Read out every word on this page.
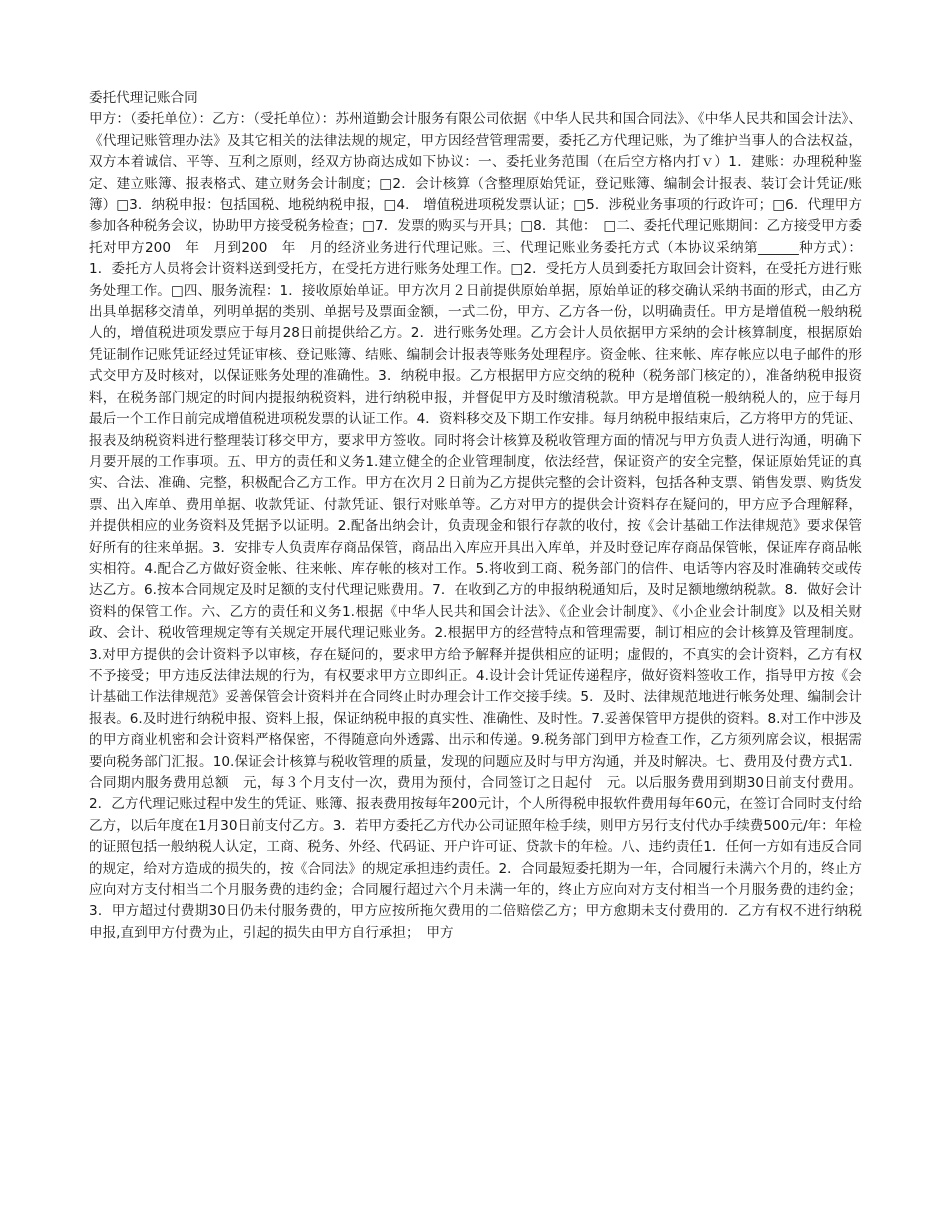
委托代理记账合同

甲方：（委托单位）：乙方：（受托单位）：苏州道勤会计服务有限公司依据《中华人民共和国合同法》、《中华人民共和国会计法》、《代理记账管理办法》及其它相关的法律法规的规定，甲方因经营管理需要，委托乙方代理记账，为了维护当事人的合法权益，双方本着诚信、平等、互利之原则，经双方协商达成如下协议：一、委托业务范围（在后空方格内打ｖ）1．建账：办理税种鉴定、建立账簿、报表格式、建立财务会计制度；□2．会计核算（含整理原始凭证，登记账簿、编制会计报表、装订会计凭证/账簿）□3．纳税申报：包括国税、地税纳税申报，□4． 增值税进项税发票认证；□5．涉税业务事项的行政许可；□6．代理甲方参加各种税务会议，协助甲方接受税务检查；□7．发票的购买与开具；□8．其他：　□二、委托代理记账期间：乙方接受甲方委托对甲方200　年　月到200　年　月的经济业务进行代理记账。三、代理记账业务委托方式（本协议采纳第______种方式）：1．委托方人员将会计资料送到受托方，在受托方进行账务处理工作。□2．受托方人员到委托方取回会计资料，在受托方进行账务处理工作。□四、服务流程：1．接收原始单证。甲方次月２日前提供原始单据，原始单证的移交确认采纳书面的形式，由乙方出具单据移交清单，列明单据的类别、单据号及票面金额，一式二份，甲方、乙方各一份，以明确责任。甲方是增值税一般纳税人的，增值税进项发票应于每月28日前提供给乙方。2．进行账务处理。乙方会计人员依据甲方采纳的会计核算制度，根据原始凭证制作记账凭证经过凭证审核、登记账簿、结账、编制会计报表等账务处理程序。资金帐、往来帐、库存帐应以电子邮件的形式交甲方及时核对，以保证账务处理的准确性。3．纳税申报。乙方根据甲方应交纳的税种（税务部门核定的），准备纳税申报资料，在税务部门规定的时间内提报纳税资料，进行纳税申报，并督促甲方及时缴清税款。甲方是增值税一般纳税人的，应于每月最后一个工作日前完成增值税进项税发票的认证工作。4．资料移交及下期工作安排。每月纳税申报结束后，乙方将甲方的凭证、报表及纳税资料进行整理装订移交甲方，要求甲方签收。同时将会计核算及税收管理方面的情况与甲方负责人进行沟通，明确下月要开展的工作事项。五、甲方的责任和义务1.建立健全的企业管理制度，依法经营，保证资产的安全完整，保证原始凭证的真实、合法、准确、完整，积极配合乙方工作。甲方在次月２日前为乙方提供完整的会计资料，包括各种支票、销售发票、购货发票、出入库单、费用单据、收款凭证、付款凭证、银行对账单等。乙方对甲方的提供会计资料存在疑问的，甲方应予合理解释，并提供相应的业务资料及凭据予以证明。2.配备出纳会计，负责现金和银行存款的收付，按《会计基础工作法律规范》要求保管好所有的往来单据。3．安排专人负责库存商品保管，商品出入库应开具出入库单，并及时登记库存商品保管帐，保证库存商品帐实相符。4.配合乙方做好资金帐、往来帐、库存帐的核对工作。5.将收到工商、税务部门的信件、电话等内容及时准确转交或传达乙方。6.按本合同规定及时足额的支付代理记账费用。7．在收到乙方的申报纳税通知后，及时足额地缴纳税款。8．做好会计资料的保管工作。六、乙方的责任和义务1.根据《中华人民共和国会计法》、《企业会计制度》、《小企业会计制度》以及相关财政、会计、税收管理规定等有关规定开展代理记账业务。2.根据甲方的经营特点和管理需要，制订相应的会计核算及管理制度。3.对甲方提供的会计资料予以审核，存在疑问的，要求甲方给予解释并提供相应的证明；虚假的，不真实的会计资料，乙方有权不予接受；甲方违反法律法规的行为，有权要求甲方立即纠正。4.设计会计凭证传递程序，做好资料签收工作，指导甲方按《会计基础工作法律规范》妥善保管会计资料并在合同终止时办理会计工作交接手续。5．及时、法律规范地进行帐务处理、编制会计报表。6.及时进行纳税申报、资料上报，保证纳税申报的真实性、准确性、及时性。7.妥善保管甲方提供的资料。8.对工作中涉及的甲方商业机密和会计资料严格保密，不得随意向外透露、出示和传递。9.税务部门到甲方检查工作，乙方须列席会议，根据需要向税务部门汇报。10.保证会计核算与税收管理的质量，发现的问题应及时与甲方沟通，并及时解决。七、费用及付费方式1．合同期内服务费用总额　元，每３个月支付一次，费用为预付，合同签订之日起付　元。以后服务费用到期30日前支付费用。2．乙方代理记账过程中发生的凭证、账簿、报表费用按每年200元计，个人所得税申报软件费用每年60元，在签订合同时支付给乙方，以后年度在1月30日前支付乙方。3．若甲方委托乙方代办公司证照年检手续，则甲方另行支付代办手续费500元/年：年检的证照包括一般纳税人认定，工商、税务、外经、代码证、开户许可证、贷款卡的年检。八、违约责任1．任何一方如有违反合同的规定，给对方造成的损失的，按《合同法》的规定承担违约责任。2．合同最短委托期为一年，合同履行未满六个月的，终止方应向对方支付相当二个月服务费的违约金；合同履行超过六个月未满一年的，终止方应向对方支付相当一个月服务费的违约金；3．甲方超过付费期30日仍未付服务费的，甲方应按所拖欠费用的二倍赔偿乙方；甲方愈期未支付费用的．乙方有权不进行纳税申报,直到甲方付费为止，引起的损失由甲方自行承担；　甲方
